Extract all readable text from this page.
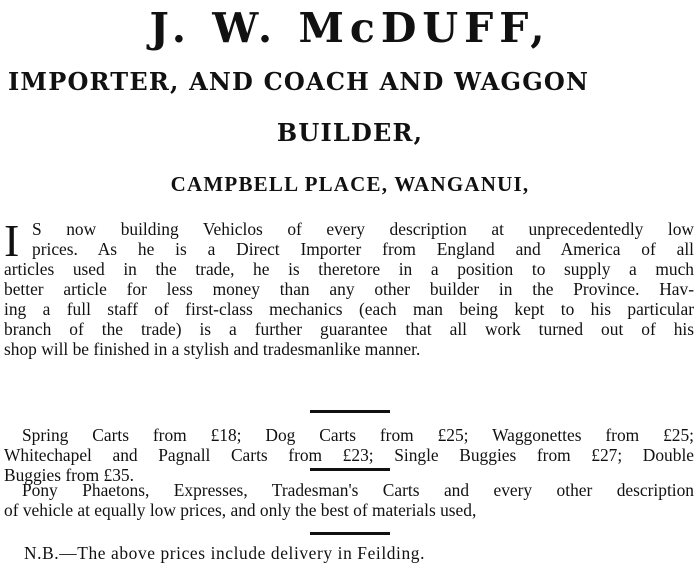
J. W. McDUFF,
IMPORTER, AND COACH AND WAGGON
BUILDER,
CAMPBELL PLACE, WANGANUI,
I S now building Vehiclos of every description at unprecedentedly low
prices. As he is a Direct Importer from England and America of all
articles used in the trade, he is theretore in a position to supply a much
better article for less money than any other builder in the Province. Hav-
ing a full staff of first-class mechanics (each man being kept to his particular
branch of the trade) is a further guarantee that all work turned out of his
shop will be finished in a stylish and tradesmanlike manner.

Spring Carts from £18; Dog Carts from £25; Waggonettes from £25;
Whitechapel and Pagnall Carts from £23; Single Buggies from £27; Double
Buggies from £35.

Pony Phaetons, Expresses, Tradesman's Carts and every other description
of vehicle at equally low prices, and only the best of materials used,

N.B.—The above prices include delivery in Feilding.
